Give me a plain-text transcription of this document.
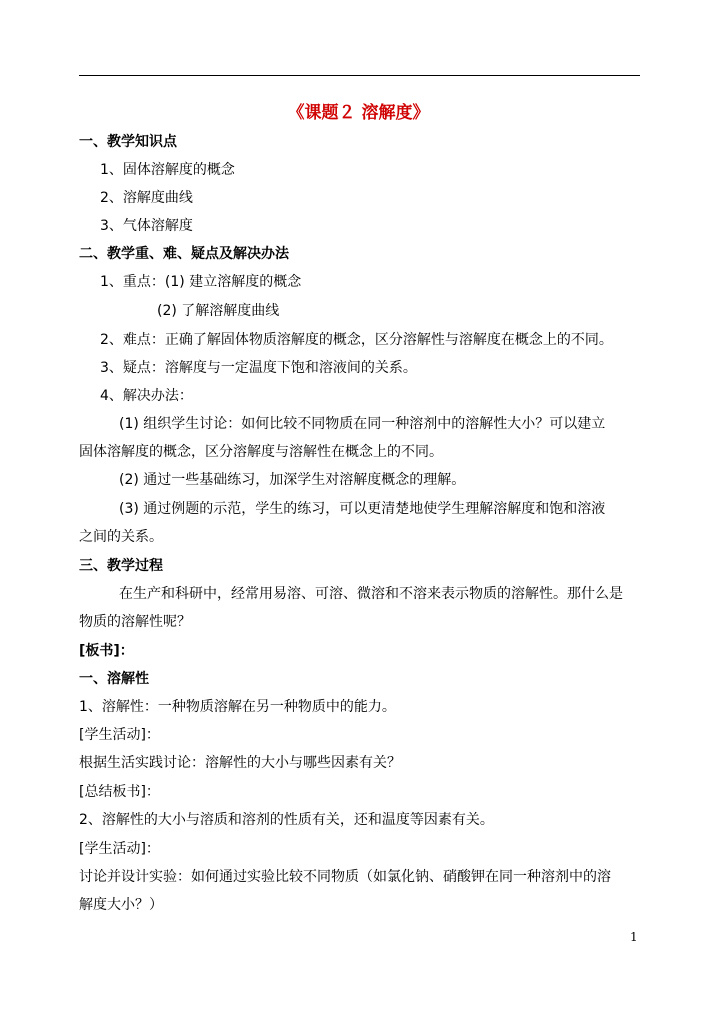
《课题２ 溶解度》
一、教学知识点
1、固体溶解度的概念
2、溶解度曲线
3、气体溶解度
二、教学重、难、疑点及解决办法
1、重点：(1) 建立溶解度的概念
(2) 了解溶解度曲线
2、难点：正确了解固体物质溶解度的概念，区分溶解性与溶解度在概念上的不同。
3、疑点：溶解度与一定温度下饱和溶液间的关系。
4、解决办法：
(1) 组织学生讨论：如何比较不同物质在同一种溶剂中的溶解性大小？可以建立
固体溶解度的概念，区分溶解度与溶解性在概念上的不同。
(2) 通过一些基础练习，加深学生对溶解度概念的理解。
(3) 通过例题的示范，学生的练习，可以更清楚地使学生理解溶解度和饱和溶液
之间的关系。
三、教学过程
在生产和科研中，经常用易溶、可溶、微溶和不溶来表示物质的溶解性。那什么是
物质的溶解性呢？
[板书]：
一、溶解性
1、溶解性：一种物质溶解在另一种物质中的能力。
[学生活动]：
根据生活实践讨论：溶解性的大小与哪些因素有关？
[总结板书]：
2、溶解性的大小与溶质和溶剂的性质有关，还和温度等因素有关。
[学生活动]：
讨论并设计实验：如何通过实验比较不同物质（如氯化钠、硝酸钾在同一种溶剂中的溶
解度大小？）
1
